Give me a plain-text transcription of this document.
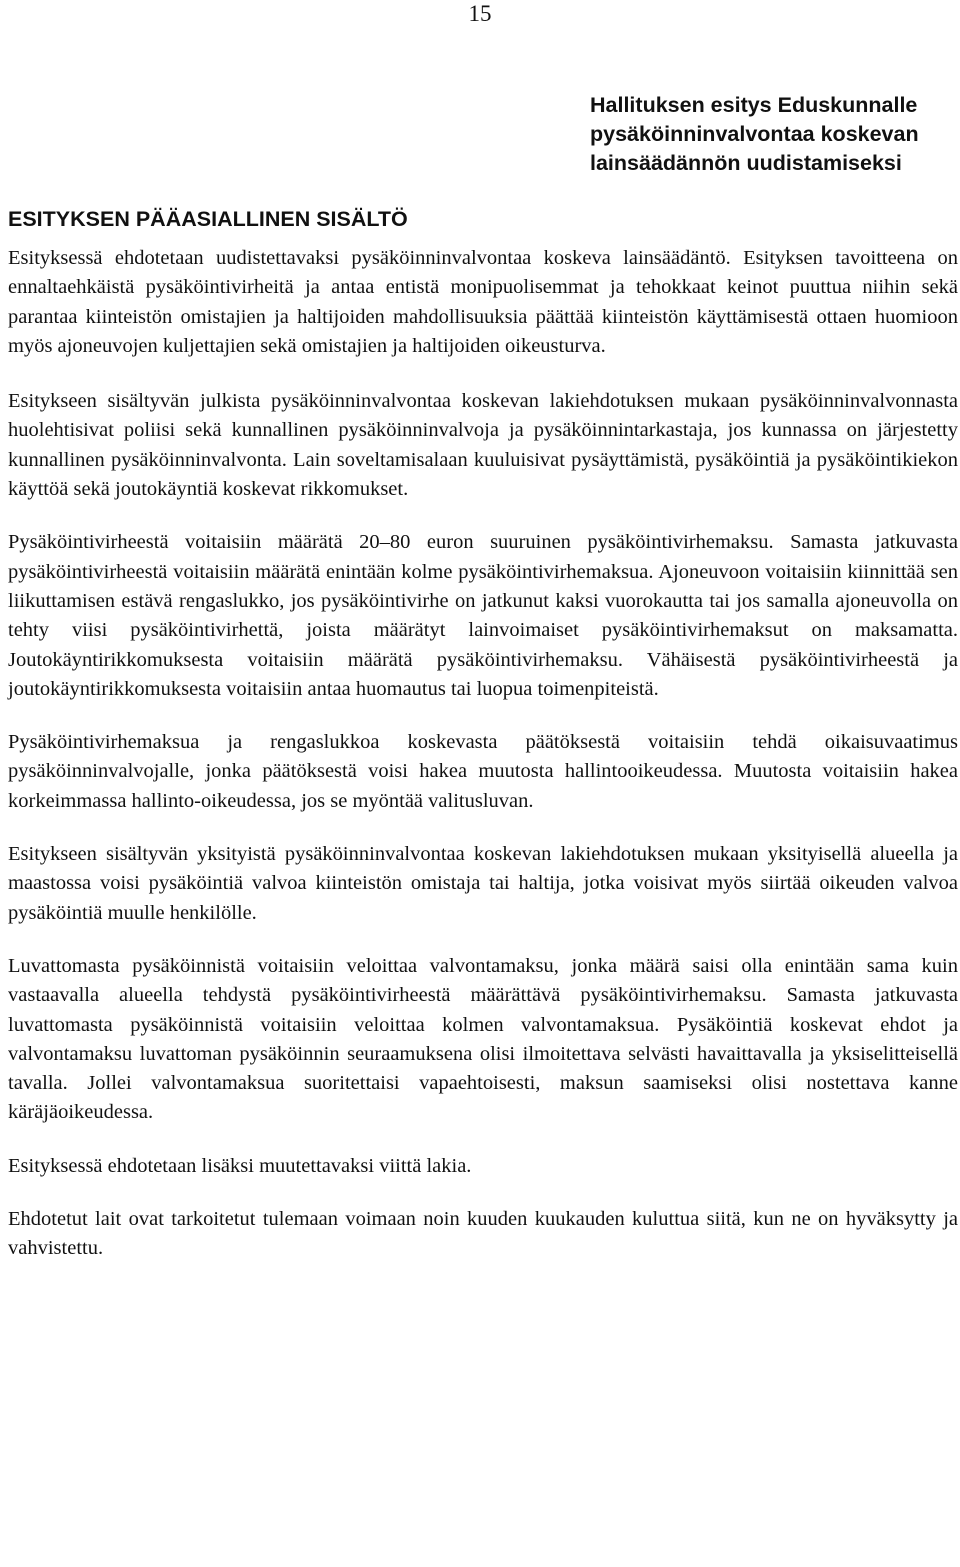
15
Hallituksen esitys Eduskunnalle
pysäköinninvalvontaa koskevan
lainsäädännön uudistamiseksi
ESITYKSEN PÄÄASIALLINEN SISÄLTÖ

Esityksessä ehdotetaan uudistettavaksi pysäköinninvalvontaa koskeva lainsäädäntö. Esityksen tavoitteena on ennaltaehkäistä pysäköintivirheitä ja antaa entistä monipuolisemmat ja tehokkaat keinot puuttua niihin sekä parantaa kiinteistön omistajien ja haltijoiden mahdollisuuksia päättää kiinteistön käyttämisestä ottaen huomioon myös ajoneuvojen kuljettajien sekä omistajien ja haltijoiden oikeusturva.

Esitykseen sisältyvän julkista pysäköinninvalvontaa koskevan lakiehdotuksen mukaan pysäköinninvalvonnasta huolehtisivat poliisi sekä kunnallinen pysäköinninvalvoja ja pysäköinnintarkastaja, jos kunnassa on järjestetty kunnallinen pysäköinninvalvonta. Lain soveltamisalaan kuuluisivat pysäyttämistä, pysäköintiä ja pysäköintikiekon käyttöä sekä joutokäyntiä koskevat rikkomukset.

Pysäköintivirheestä voitaisiin määrätä 20–80 euron suuruinen pysäköintivirhemaksu. Samasta jatkuvasta pysäköintivirheestä voitaisiin määrätä enintään kolme pysäköintivirhemaksua. Ajoneuvoon voitaisiin kiinnittää sen liikuttamisen estävä rengaslukko, jos pysäköintivirhe on jatkunut kaksi vuorokautta tai jos samalla ajoneuvolla on tehty viisi pysäköintivirhettä, joista määrätyt lainvoimaiset pysäköintivirhemaksut on maksamatta. Joutokäyntirikkomuksesta voitaisiin määrätä pysäköintivirhemaksu. Vähäisestä pysäköintivirheestä ja joutokäyntirikkomuksesta voitaisiin antaa huomautus tai luopua toimenpiteistä.

Pysäköintivirhemaksua ja rengaslukkoa koskevasta päätöksestä voitaisiin tehdä oikaisuvaatimus pysäköinninvalvojalle, jonka päätöksestä voisi hakea muutosta hallintooikeudessa. Muutosta voitaisiin hakea korkeimmassa hallinto-oikeudessa, jos se myöntää valitusluvan.

Esitykseen sisältyvän yksityistä pysäköinninvalvontaa koskevan lakiehdotuksen mukaan yksityisellä alueella ja maastossa voisi pysäköintiä valvoa kiinteistön omistaja tai haltija, jotka voisivat myös siirtää oikeuden valvoa pysäköintiä muulle henkilölle.

Luvattomasta pysäköinnistä voitaisiin veloittaa valvontamaksu, jonka määrä saisi olla enintään sama kuin vastaavalla alueella tehdystä pysäköintivirheestä määrättävä pysäköintivirhemaksu. Samasta jatkuvasta luvattomasta pysäköinnistä voitaisiin veloittaa kolmen valvontamaksua. Pysäköintiä koskevat ehdot ja valvontamaksu luvattoman pysäköinnin seuraamuksena olisi ilmoitettava selvästi havaittavalla ja yksiselitteisellä tavalla. Jollei valvontamaksua suoritettaisi vapaehtoisesti, maksun saamiseksi olisi nostettava kanne käräjäoikeudessa.

Esityksessä ehdotetaan lisäksi muutettavaksi viittä lakia.

Ehdotetut lait ovat tarkoitetut tulemaan voimaan noin kuuden kuukauden kuluttua siitä, kun ne on hyväksytty ja vahvistettu.
